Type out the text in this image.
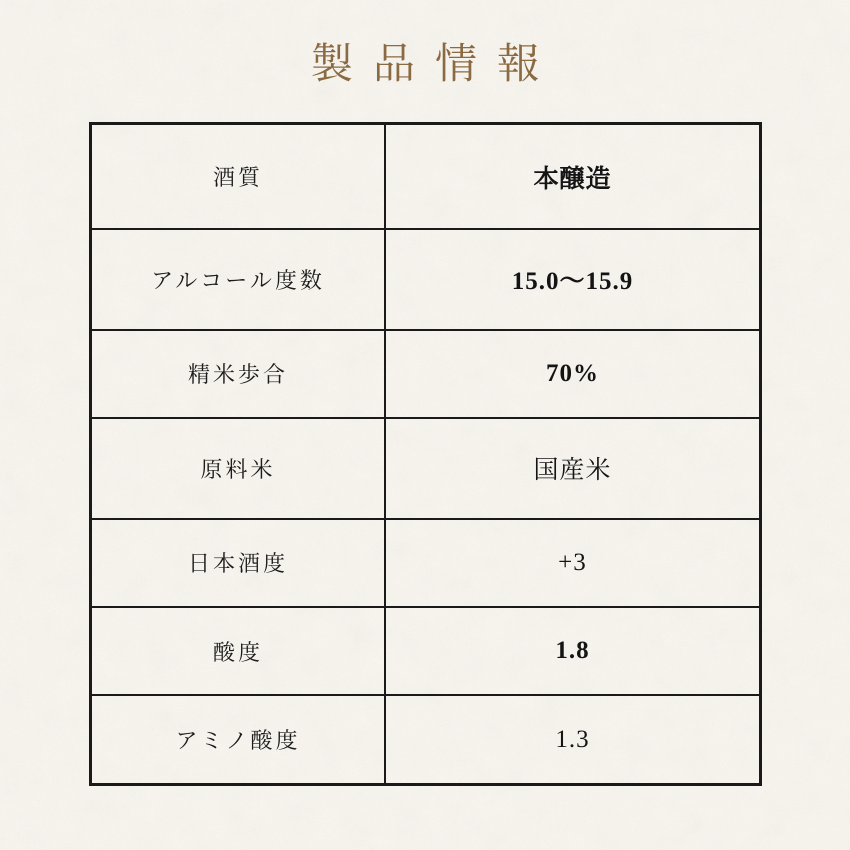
製品情報
酒質	本醸造
アルコール度数	15.0～15.9
精米歩合	70%
原料米	国産米
日本酒度	+3
酸度	1.8
アミノ酸度	1.3
